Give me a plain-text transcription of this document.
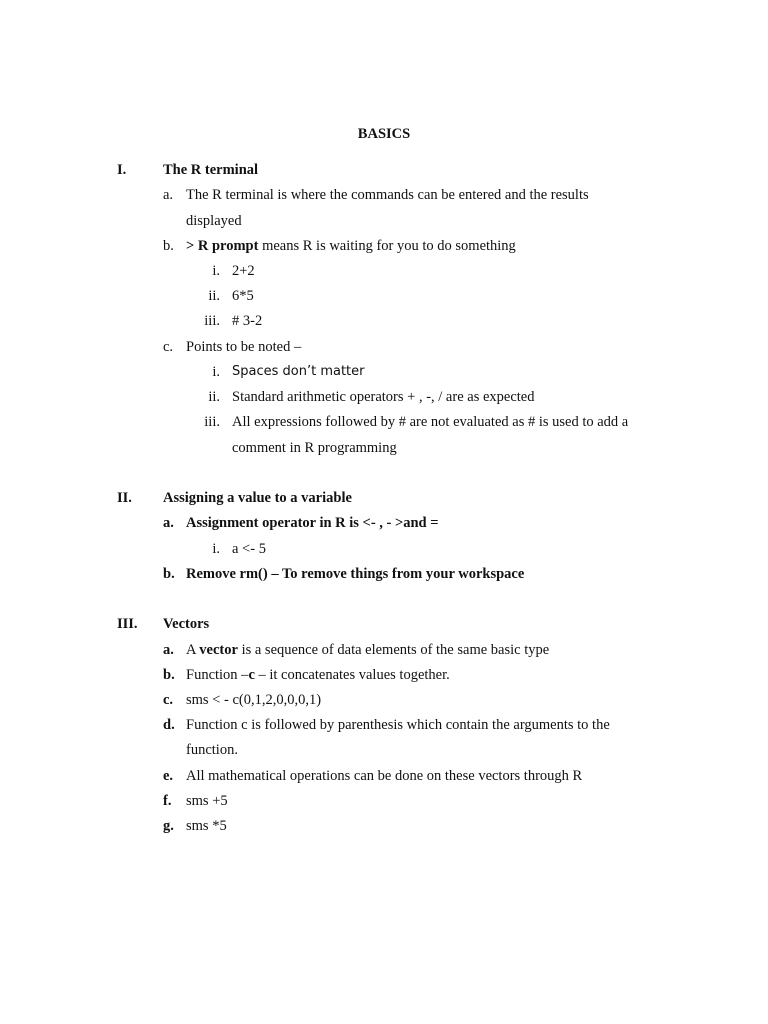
BASICS
I.	The R terminal
a. The R terminal is where the commands can be entered and the results
displayed
b. > R prompt means R is waiting for you to do something
i. 2+2
ii. 6*5
iii. # 3-2
c. Points to be noted –
i. Spaces don’t matter
ii. Standard arithmetic operators + , -, / are as expected
iii. All expressions followed by # are not evaluated as # is used to add a
comment in R programming
II. Assigning a value to a variable
a. Assignment operator in R is <- , - >and =
i. a <- 5
b. Remove rm() – To remove things from your workspace
III. Vectors
a. A vector is a sequence of data elements of the same basic type
b. Function –c – it concatenates values together.
c. sms < - c(0,1,2,0,0,0,1)
d. Function c is followed by parenthesis which contain the arguments to the
function.
e. All mathematical operations can be done on these vectors through R
f. sms +5
g. sms *5
